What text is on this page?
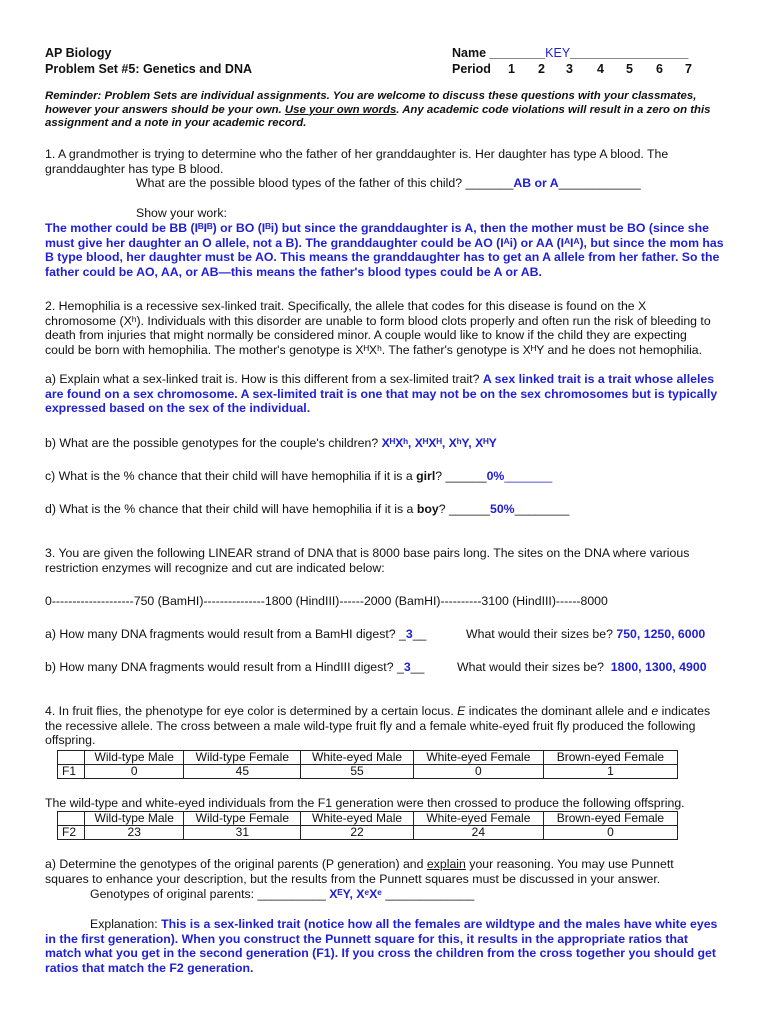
AP Biology
Problem Set #5: Genetics and DNA
Name ________KEY_________________
Period 1 2 3 4 5 6 7
Reminder: Problem Sets are individual assignments. You are welcome to discuss these questions with your classmates, however your answers should be your own. Use your own words. Any academic code violations will result in a zero on this assignment and a note in your academic record.
1. A grandmother is trying to determine who the father of her granddaughter is. Her daughter has type A blood. The granddaughter has type B blood.
What are the possible blood types of the father of this child? _______AB or A____________
Show your work:
The mother could be BB (IᴮIᴮ) or BO (Iᴮi) but since the granddaughter is A, then the mother must be BO (since she must give her daughter an O allele, not a B). The granddaughter could be AO (Iᴬi) or AA (IᴬIᴬ), but since the mom has B type blood, her daughter must be AO. This means the granddaughter has to get an A allele from her father. So the father could be AO, AA, or AB—this means the father's blood types could be A or AB.
2. Hemophilia is a recessive sex-linked trait. Specifically, the allele that codes for this disease is found on the X chromosome (Xʰ). Individuals with this disorder are unable to form blood clots properly and often run the risk of bleeding to death from injuries that might normally be considered minor. A couple would like to know if the child they are expecting could be born with hemophilia. The mother's genotype is XᴴXʰ. The father's genotype is XᴴY and he does not hemophilia.
a) Explain what a sex-linked trait is. How is this different from a sex-limited trait? A sex linked trait is a trait whose alleles are found on a sex chromosome. A sex-limited trait is one that may not be on the sex chromosomes but is typically expressed based on the sex of the individual.
b) What are the possible genotypes for the couple's children? XᴴXʰ, XᴴXᴴ, XʰY, XᴴY
c) What is the % chance that their child will have hemophilia if it is a girl? ______0%_______
d) What is the % chance that their child will have hemophilia if it is a boy? ______50%________
3. You are given the following LINEAR strand of DNA that is 8000 base pairs long. The sites on the DNA where various restriction enzymes will recognize and cut are indicated below:
0--------------------750 (BamHI)---------------1800 (HindIII)------2000 (BamHI)----------3100 (HindIII)------8000
a) How many DNA fragments would result from a BamHI digest? _3__	What would their sizes be? 750, 1250, 6000
b) How many DNA fragments would result from a HindIII digest? _3__	What would their sizes be? 1800, 1300, 4900
4. In fruit flies, the phenotype for eye color is determined by a certain locus. E indicates the dominant allele and e indicates the recessive allele. The cross between a male wild-type fruit fly and a female white-eyed fruit fly produced the following offspring.
	Wild-type Male	Wild-type Female	White-eyed Male	White-eyed Female	Brown-eyed Female
F1	0	45	55	0	1
The wild-type and white-eyed individuals from the F1 generation were then crossed to produce the following offspring.
	Wild-type Male	Wild-type Female	White-eyed Male	White-eyed Female	Brown-eyed Female
F2	23	31	22	24	0
a) Determine the genotypes of the original parents (P generation) and explain your reasoning. You may use Punnett squares to enhance your description, but the results from the Punnett squares must be discussed in your answer.
Genotypes of original parents: __________ XᴱY, XᵉXᵉ _____________
Explanation: This is a sex-linked trait (notice how all the females are wildtype and the males have white eyes in the first generation). When you construct the Punnett square for this, it results in the appropriate ratios that match what you get in the second generation (F1). If you cross the children from the cross together you should get ratios that match the F2 generation.
